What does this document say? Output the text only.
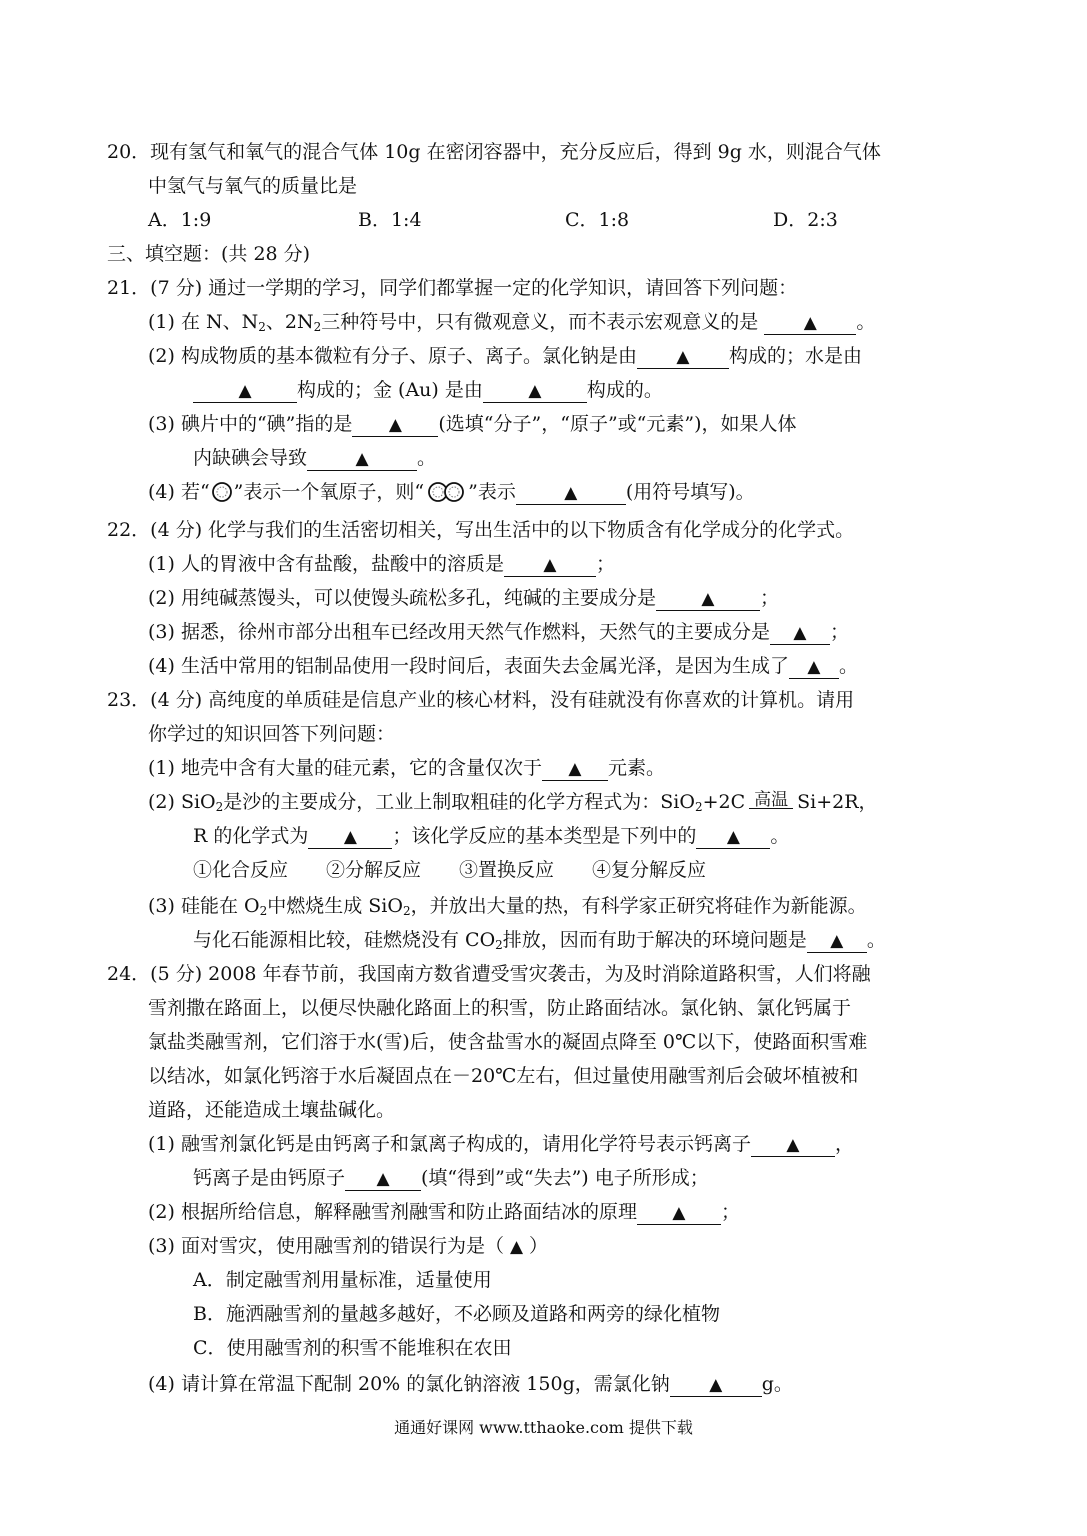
20．现有氢气和氧气的混合气体 10g 在密闭容器中，充分反应后，得到 9g 水，则混合气体
中氢气与氧气的质量比是
A．1:9	B．1:4	C．1:8	D．2:3
三、填空题：(共 28 分)
21．(7 分) 通过一学期的学习，同学们都掌握一定的化学知识，请回答下列问题：
(1) 在 N、$N_2$、$2N_2$三种符号中，只有微观意义，而不表示宏观意义的是	▲ 。
(2) 构成物质的基本微粒有分子、原子、离子。氯化钠是由 ▲ 构成的；水是由
▲ 构成的；金 (Au) 是由	▲ 构成的。
(3) 碘片中的“碘”指的是 ▲ (选填“分子”，“原子”或“元素”)，如果人体
内缺碘会导致	▲	。
(4) 若“ ”表示一个氧原子，则“ ”表示	▲	(用符号填写)。
22．(4 分) 化学与我们的生活密切相关，写出生活中的以下物质含有化学成分的化学式。
(1) 人的胃液中含有盐酸，盐酸中的溶质是 ▲ ；
(2) 用纯碱蒸馒头，可以使馒头疏松多孔，纯碱的主要成分是	▲ ；
(3) 据悉，徐州市部分出租车已经改用天然气作燃料，天然气的主要成分是 ▲ ；
(4) 生活中常用的铝制品使用一段时间后，表面失去金属光泽，是因为生成了 ▲ 。
23．(4 分) 高纯度的单质硅是信息产业的核心材料，没有硅就没有你喜欢的计算机。请用
你学过的知识回答下列问题：
(1) 地壳中含有大量的硅元素，它的含量仅次于 ▲ 元素。
(2) SiO$_2$是沙的主要成分，工业上制取粗硅的化学方程式为：SiO$_2$+2C 高温 Si+2R，
R 的化学式为 ▲ ；该化学反应的基本类型是下列中的 ▲ 。
①化合反应　　②分解反应　　③置换反应　　④复分解反应
(3) 硅能在 $O_2$中燃烧生成 SiO$_2$，并放出大量的热，有科学家正研究将硅作为新能源。
与化石能源相比较，硅燃烧没有 $CO_2$排放，因而有助于解决的环境问题是 ▲ 。
24．(5 分) 2008 年春节前，我国南方数省遭受雪灾袭击，为及时消除道路积雪，人们将融
雪剂撒在路面上，以便尽快融化路面上的积雪，防止路面结冰。氯化钠、氯化钙属于
氯盐类融雪剂，它们溶于水(雪)后，使含盐雪水的凝固点降至 0℃以下，使路面积雪难
以结冰，如氯化钙溶于水后凝固点在－20℃左右，但过量使用融雪剂后会破坏植被和
道路，还能造成土壤盐碱化。
(1) 融雪剂氯化钙是由钙离子和氯离子构成的，请用化学符号表示钙离子 ▲ ，
钙离子是由钙原子 ▲ (填“得到”或“失去”) 电子所形成；
(2) 根据所给信息，解释融雪剂融雪和防止路面结冰的原理 ▲ ；
(3) 面对雪灾，使用融雪剂的错误行为是（ ▲ ）
A．制定融雪剂用量标准，适量使用
B．施洒融雪剂的量越多越好，不必顾及道路和两旁的绿化植物
C．使用融雪剂的积雪不能堆积在农田
(4) 请计算在常温下配制 20% 的氯化钠溶液 150g，需氯化钠 ▲ g。
通通好课网 www.tthaoke.com 提供下载
